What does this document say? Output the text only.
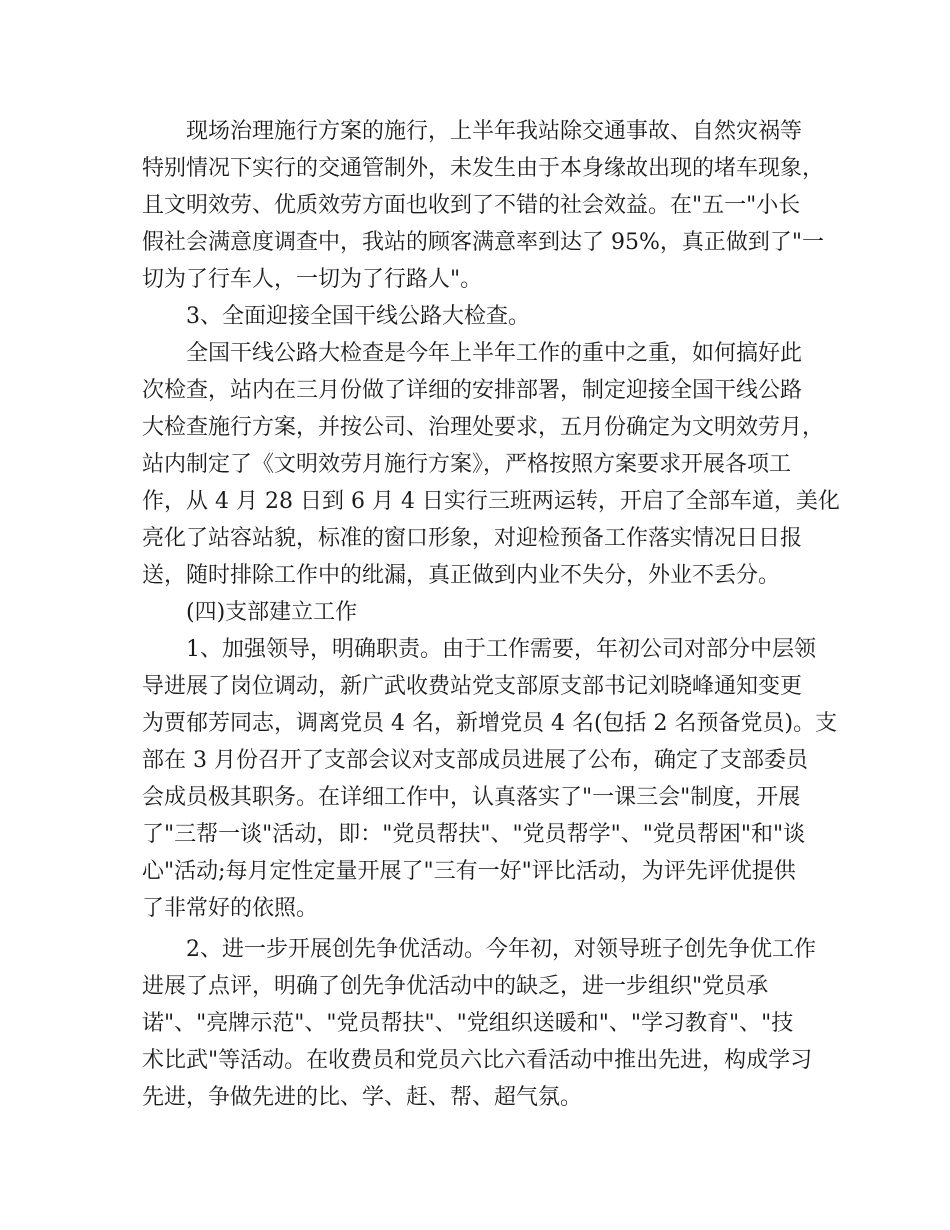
现场治理施行方案的施行，上半年我站除交通事故、自然灾祸等
特别情况下实行的交通管制外，未发生由于本身缘故出现的堵车现象，
且文明效劳、优质效劳方面也收到了不错的社会效益。在"五一"小长
假社会满意度调查中，我站的顾客满意率到达了 95%，真正做到了"一
切为了行车人，一切为了行路人"。
3、全面迎接全国干线公路大检查。
全国干线公路大检查是今年上半年工作的重中之重，如何搞好此
次检查，站内在三月份做了详细的安排部署，制定迎接全国干线公路
大检查施行方案，并按公司、治理处要求，五月份确定为文明效劳月，
站内制定了《文明效劳月施行方案》，严格按照方案要求开展各项工
作，从 4 月 28 日到 6 月 4 日实行三班两运转，开启了全部车道，美化
亮化了站容站貌，标准的窗口形象，对迎检预备工作落实情况日日报
送，随时排除工作中的纰漏，真正做到内业不失分，外业不丢分。
(四)支部建立工作
1、加强领导，明确职责。由于工作需要，年初公司对部分中层领
导进展了岗位调动，新广武收费站党支部原支部书记刘晓峰通知变更
为贾郁芳同志，调离党员 4 名，新增党员 4 名(包括 2 名预备党员)。支
部在 3 月份召开了支部会议对支部成员进展了公布，确定了支部委员
会成员极其职务。在详细工作中，认真落实了"一课三会"制度，开展
了"三帮一谈"活动，即："党员帮扶"、"党员帮学"、"党员帮困"和"谈
心"活动;每月定性定量开展了"三有一好"评比活动，为评先评优提供
了非常好的依照。
2、进一步开展创先争优活动。今年初，对领导班子创先争优工作
进展了点评，明确了创先争优活动中的缺乏，进一步组织"党员承
诺"、"亮牌示范"、"党员帮扶"、"党组织送暖和"、"学习教育"、"技
术比武"等活动。在收费员和党员六比六看活动中推出先进，构成学习
先进，争做先进的比、学、赶、帮、超气氛。
